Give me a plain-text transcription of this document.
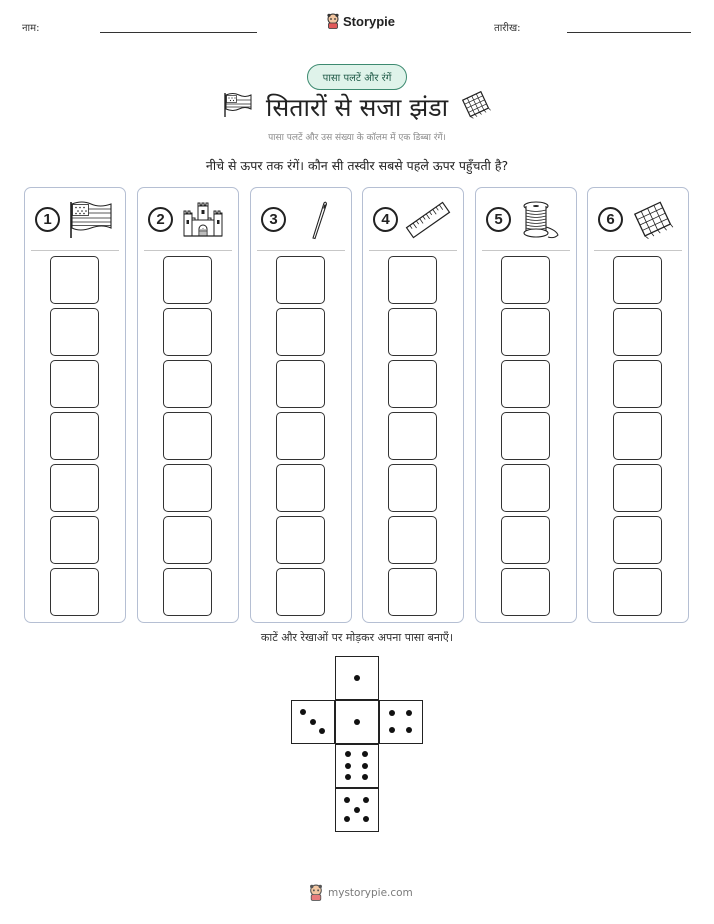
नाम:	Storypie	तारीख:
पासा पलटें और रंगें
सितारों से सजा झंडा
पासा पलटें और उस संख्या के कॉलम में एक डिब्बा रंगें।
नीचे से ऊपर तक रंगें। कौन सी तस्वीर सबसे पहले ऊपर पहुँचती है?
1	2	3	4	5	6
काटें और रेखाओं पर मोड़कर अपना पासा बनाएँ।
mystorypie.com
